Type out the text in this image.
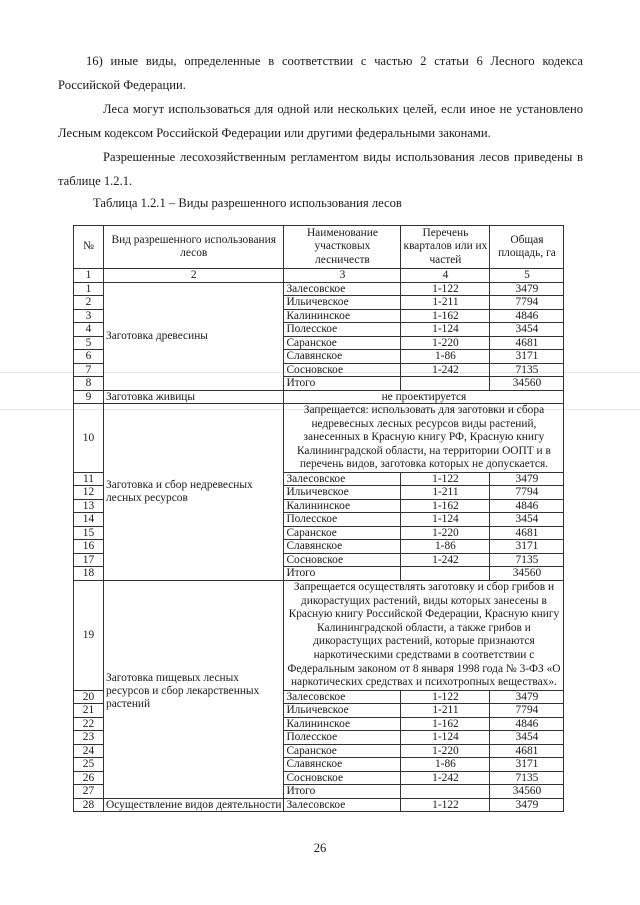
16) иные виды, определенные в соответствии с частью 2 статьи 6 Лесного кодекса Российской Федерации.
Леса могут использоваться для одной или нескольких целей, если иное не установлено Лесным кодексом Российской Федерации или другими федеральными законами.
Разрешенные лесохозяйственным регламентом виды использования лесов приведены в таблице 1.2.1.
Таблица 1.2.1 – Виды разрешенного использования лесов
№	Вид разрешенного использования лесов	Наименование участковых лесничеств	Перечень кварталов или их частей	Общая площадь, га
1	2	3	4	5
1	Заготовка древесины	Залесовское	1-122	3479
2		Ильичевское	1-211	7794
3		Калининское	1-162	4846
4		Полесское	1-124	3454
5		Саранское	1-220	4681
6		Славянское	1-86	3171
7		Сосновское	1-242	7135
8		Итого		34560
9	Заготовка живицы	не проектируется		
10	Заготовка и сбор недревесных лесных ресурсов	Запрещается: использовать для заготовки и сбора недревесных лесных ресурсов виды растений, занесенных в Красную книгу РФ, Красную книгу Калининградской области, на территории ООПТ и в перечень видов, заготовка которых не допускается.		
11		Залесовское	1-122	3479
12		Ильичевское	1-211	7794
13		Калининское	1-162	4846
14		Полесское	1-124	3454
15		Саранское	1-220	4681
16		Славянское	1-86	3171
17		Сосновское	1-242	7135
18		Итого		34560
19	Заготовка пищевых лесных ресурсов и сбор лекарственных растений	Запрещается осуществлять заготовку и сбор грибов и дикорастущих растений, виды которых занесены в Красную книгу Российской Федерации, Красную книгу Калининградской области, а также грибов и дикорастущих растений, которые признаются наркотическими средствами в соответствии с Федеральным законом от 8 января 1998 года № 3-ФЗ «О наркотических средствах и психотропных веществах».		
20		Залесовское	1-122	3479
21		Ильичевское	1-211	7794
22		Калининское	1-162	4846
23		Полесское	1-124	3454
24		Саранское	1-220	4681
25		Славянское	1-86	3171
26		Сосновское	1-242	7135
27		Итого		34560
28	Осуществление видов деятельности	Залесовское	1-122	3479
26
